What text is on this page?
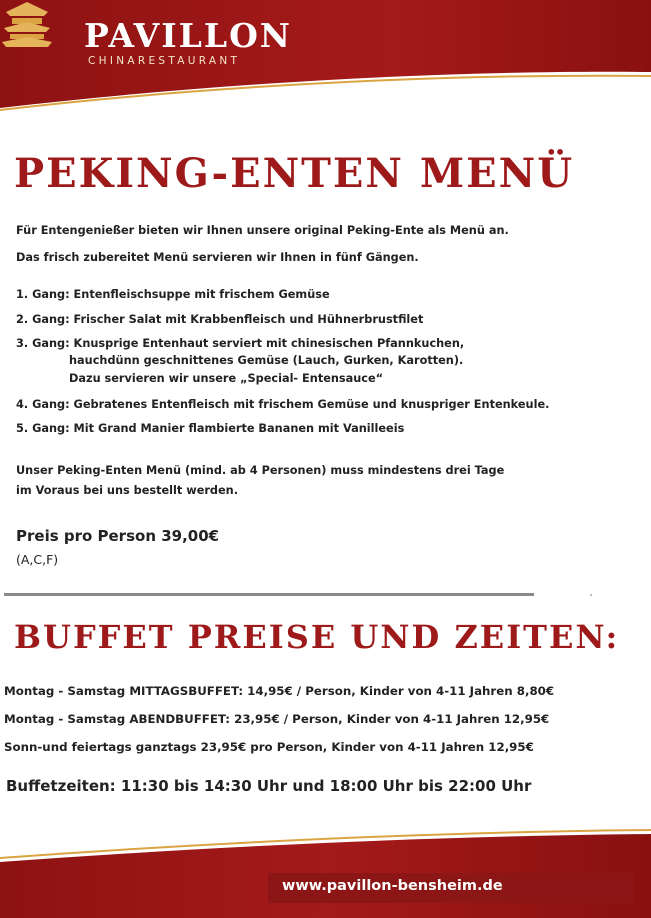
PAVILLON
CHINARESTAURANT
PEKING-ENTEN MENÜ
Für Entengenießer bieten wir Ihnen unsere original Peking-Ente als Menü an.
Das frisch zubereitet Menü servieren wir Ihnen in fünf Gängen.
1. Gang: Entenfleischsuppe mit frischem Gemüse
2. Gang: Frischer Salat mit Krabbenfleisch und Hühnerbrustfilet
3. Gang: Knusprige Entenhaut serviert mit chinesischen Pfannkuchen,
hauchdünn geschnittenes Gemüse (Lauch, Gurken, Karotten).
Dazu servieren wir unsere „Special- Entensauce“
4. Gang: Gebratenes Entenfleisch mit frischem Gemüse und knuspriger Entenkeule.
5. Gang: Mit Grand Manier flambierte Bananen mit Vanilleeis
Unser Peking-Enten Menü (mind. ab 4 Personen) muss mindestens drei Tage
im Voraus bei uns bestellt werden.
Preis pro Person 39,00€
(A,C,F)
BUFFET PREISE UND ZEITEN:
Montag - Samstag MITTAGSBUFFET: 14,95€ / Person, Kinder von 4-11 Jahren 8,80€
Montag - Samstag ABENDBUFFET: 23,95€ / Person, Kinder von 4-11 Jahren 12,95€
Sonn-und feiertags ganztags 23,95€ pro Person, Kinder von 4-11 Jahren 12,95€
Buffetzeiten: 11:30 bis 14:30 Uhr und 18:00 Uhr bis 22:00 Uhr
www.pavillon-bensheim.de
